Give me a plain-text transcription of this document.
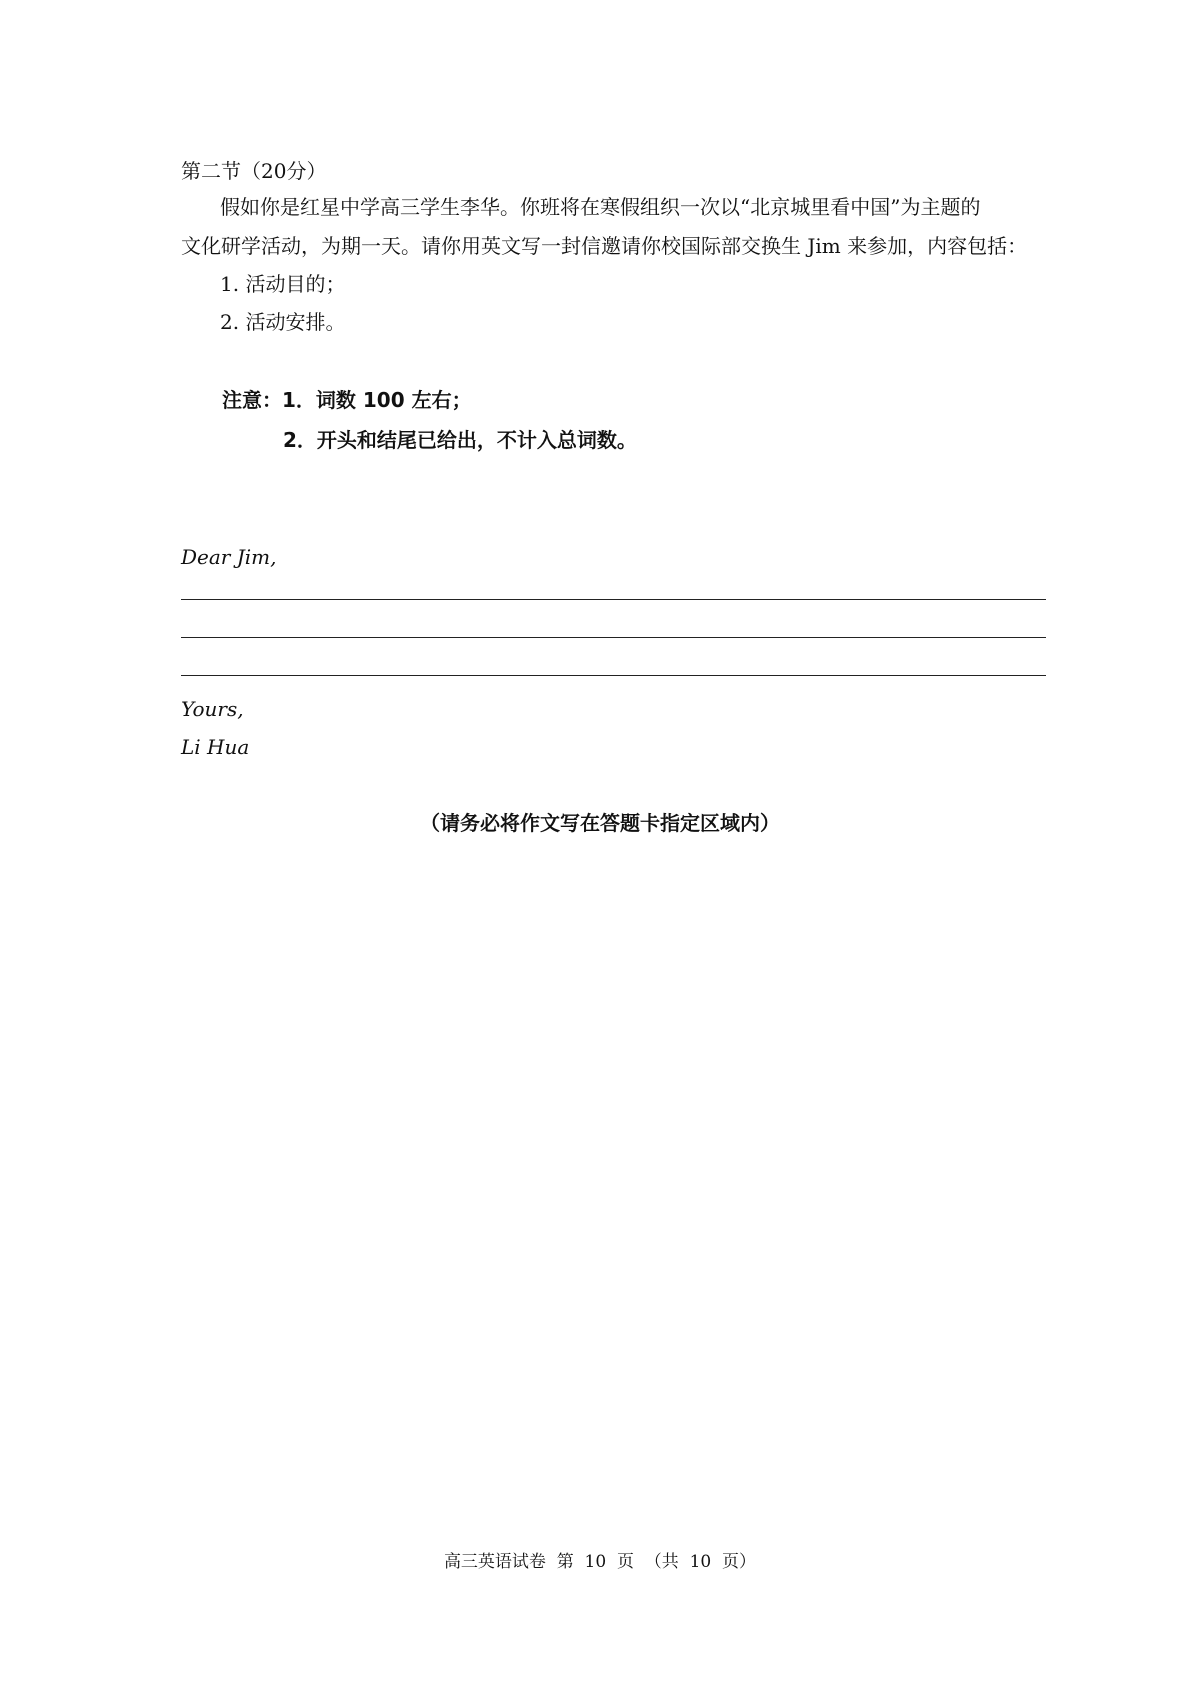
第二节（20分）
假如你是红星中学高三学生李华。你班将在寒假组织一次以“北京城里看中国”为主题的
文化研学活动，为期一天。请你用英文写一封信邀请你校国际部交换生 Jim 来参加，内容包括：
1. 活动目的；
2. 活动安排。
注意：1．词数 100 左右；
2．开头和结尾已给出，不计入总词数。
Dear Jim,
Yours,
Li Hua
（请务必将作文写在答题卡指定区域内）
高三英语试卷  第  10  页  （共  10  页）
